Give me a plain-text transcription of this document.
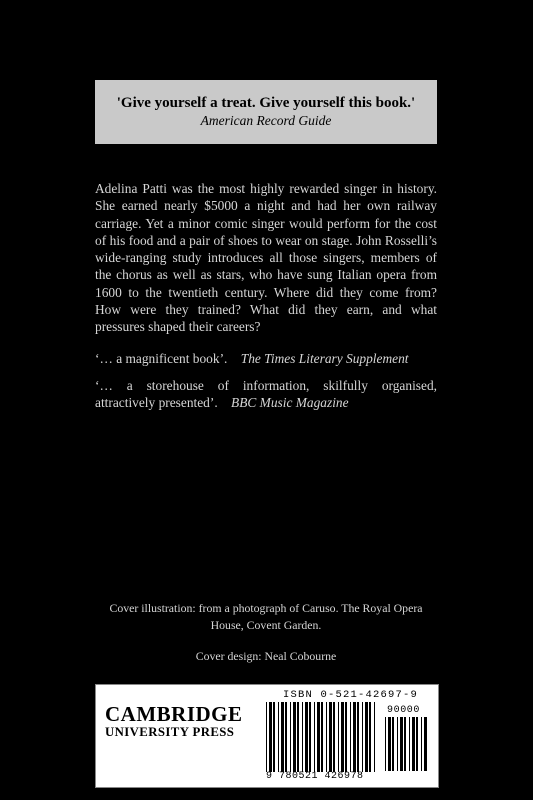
'Give yourself a treat. Give yourself this book.'
American Record Guide

Adelina Patti was the most highly rewarded singer in history. She earned nearly $5000 a night and had her own railway carriage. Yet a minor comic singer would perform for the cost of his food and a pair of shoes to wear on stage. John Rosselli’s wide-ranging study introduces all those singers, members of the chorus as well as stars, who have sung Italian opera from 1600 to the twentieth century. Where did they come from? How were they trained? What did they earn, and what pressures shaped their careers?

‘… a magnificent book’. The Times Literary Supplement

‘… a storehouse of information, skilfully organised, attractively presented’. BBC Music Magazine

Cover illustration: from a photograph of Caruso. The Royal Opera House, Covent Garden.

Cover design: Neal Cobourne

CAMBRIDGE
UNIVERSITY PRESS
ISBN 0-521-42697-9
90000
9 780521 426978
